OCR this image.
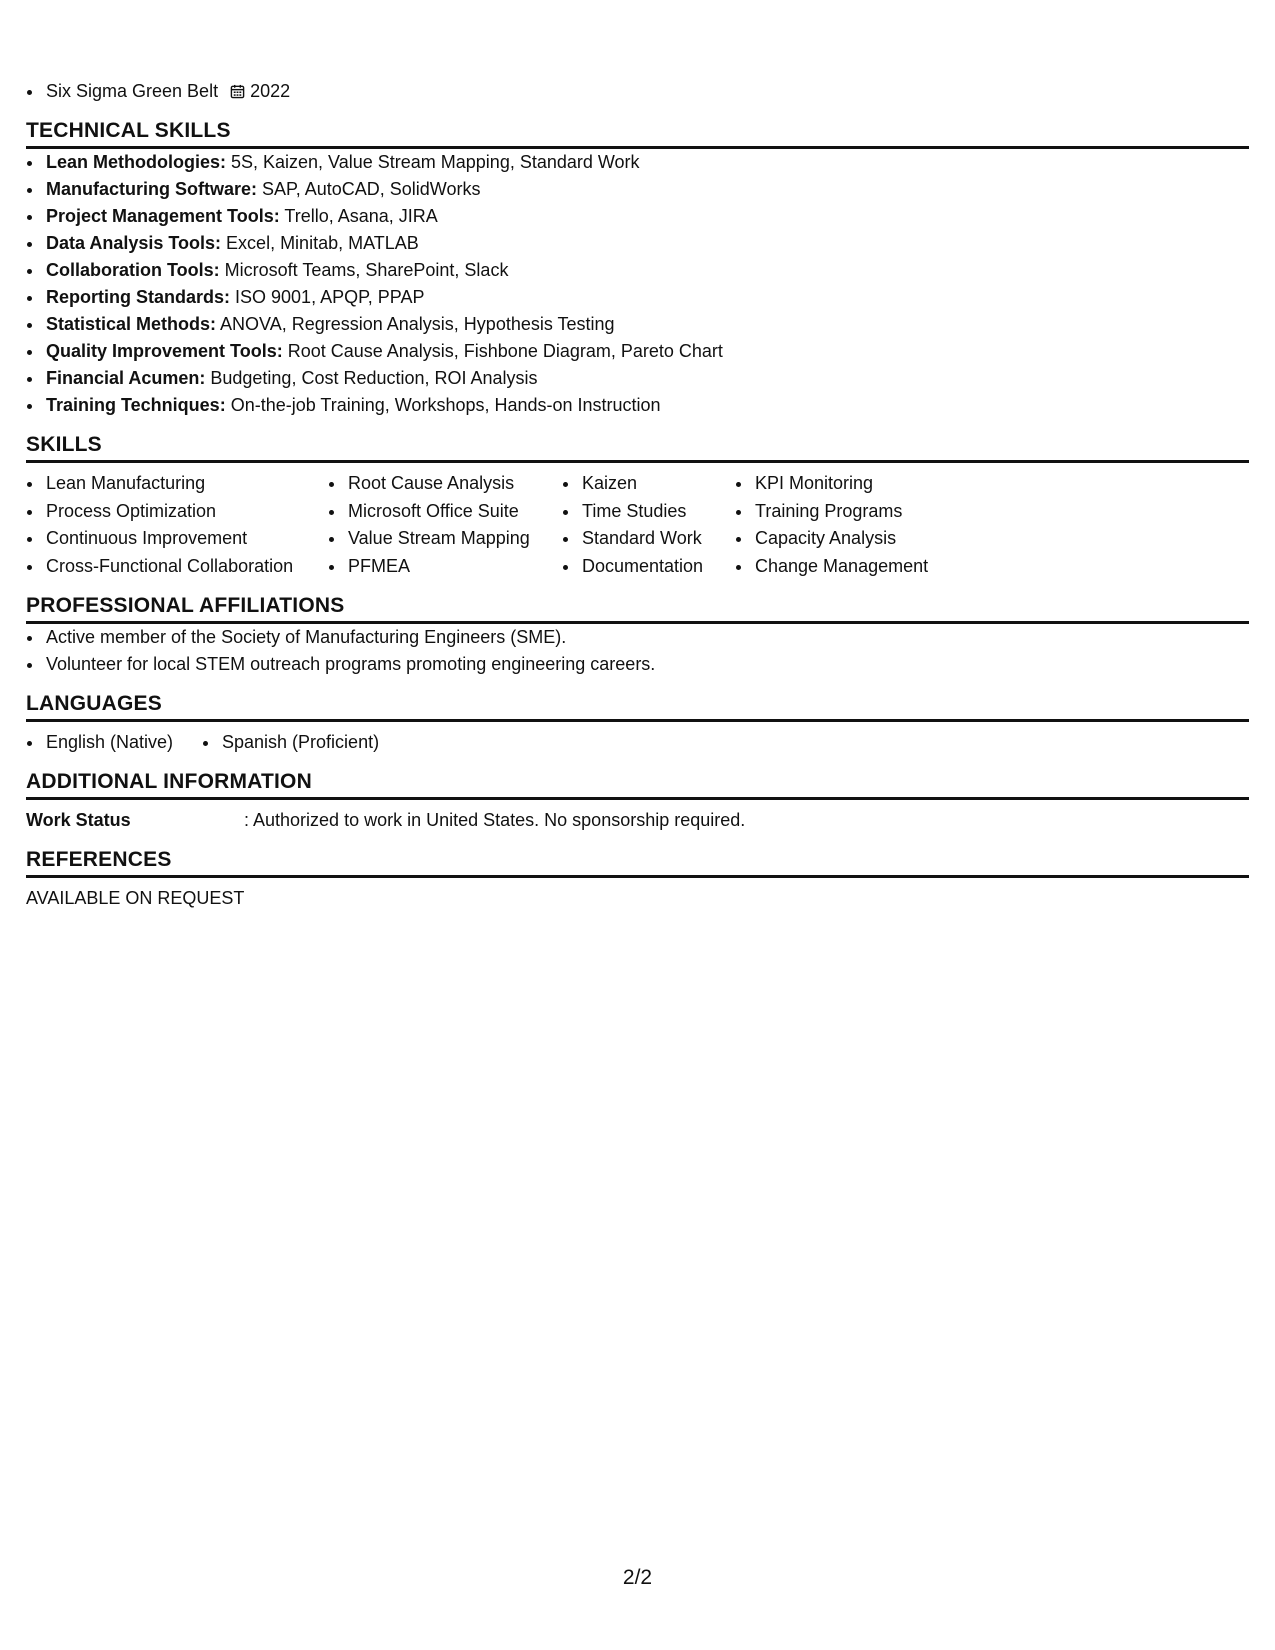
• Six Sigma Green Belt 2022
TECHNICAL SKILLS
• Lean Methodologies: 5S, Kaizen, Value Stream Mapping, Standard Work
• Manufacturing Software: SAP, AutoCAD, SolidWorks
• Project Management Tools: Trello, Asana, JIRA
• Data Analysis Tools: Excel, Minitab, MATLAB
• Collaboration Tools: Microsoft Teams, SharePoint, Slack
• Reporting Standards: ISO 9001, APQP, PPAP
• Statistical Methods: ANOVA, Regression Analysis, Hypothesis Testing
• Quality Improvement Tools: Root Cause Analysis, Fishbone Diagram, Pareto Chart
• Financial Acumen: Budgeting, Cost Reduction, ROI Analysis
• Training Techniques: On-the-job Training, Workshops, Hands-on Instruction
SKILLS
• Lean Manufacturing
• Process Optimization
• Continuous Improvement
• Cross-Functional Collaboration
• Root Cause Analysis
• Microsoft Office Suite
• Value Stream Mapping
• PFMEA
• Kaizen
• Time Studies
• Standard Work
• Documentation
• KPI Monitoring
• Training Programs
• Capacity Analysis
• Change Management
PROFESSIONAL AFFILIATIONS
• Active member of the Society of Manufacturing Engineers (SME).
• Volunteer for local STEM outreach programs promoting engineering careers.
LANGUAGES
• English (Native)
•	Spanish (Proficient)
ADDITIONAL INFORMATION
Work Status	: Authorized to work in United States. No sponsorship required.
REFERENCES
AVAILABLE ON REQUEST
2/2
